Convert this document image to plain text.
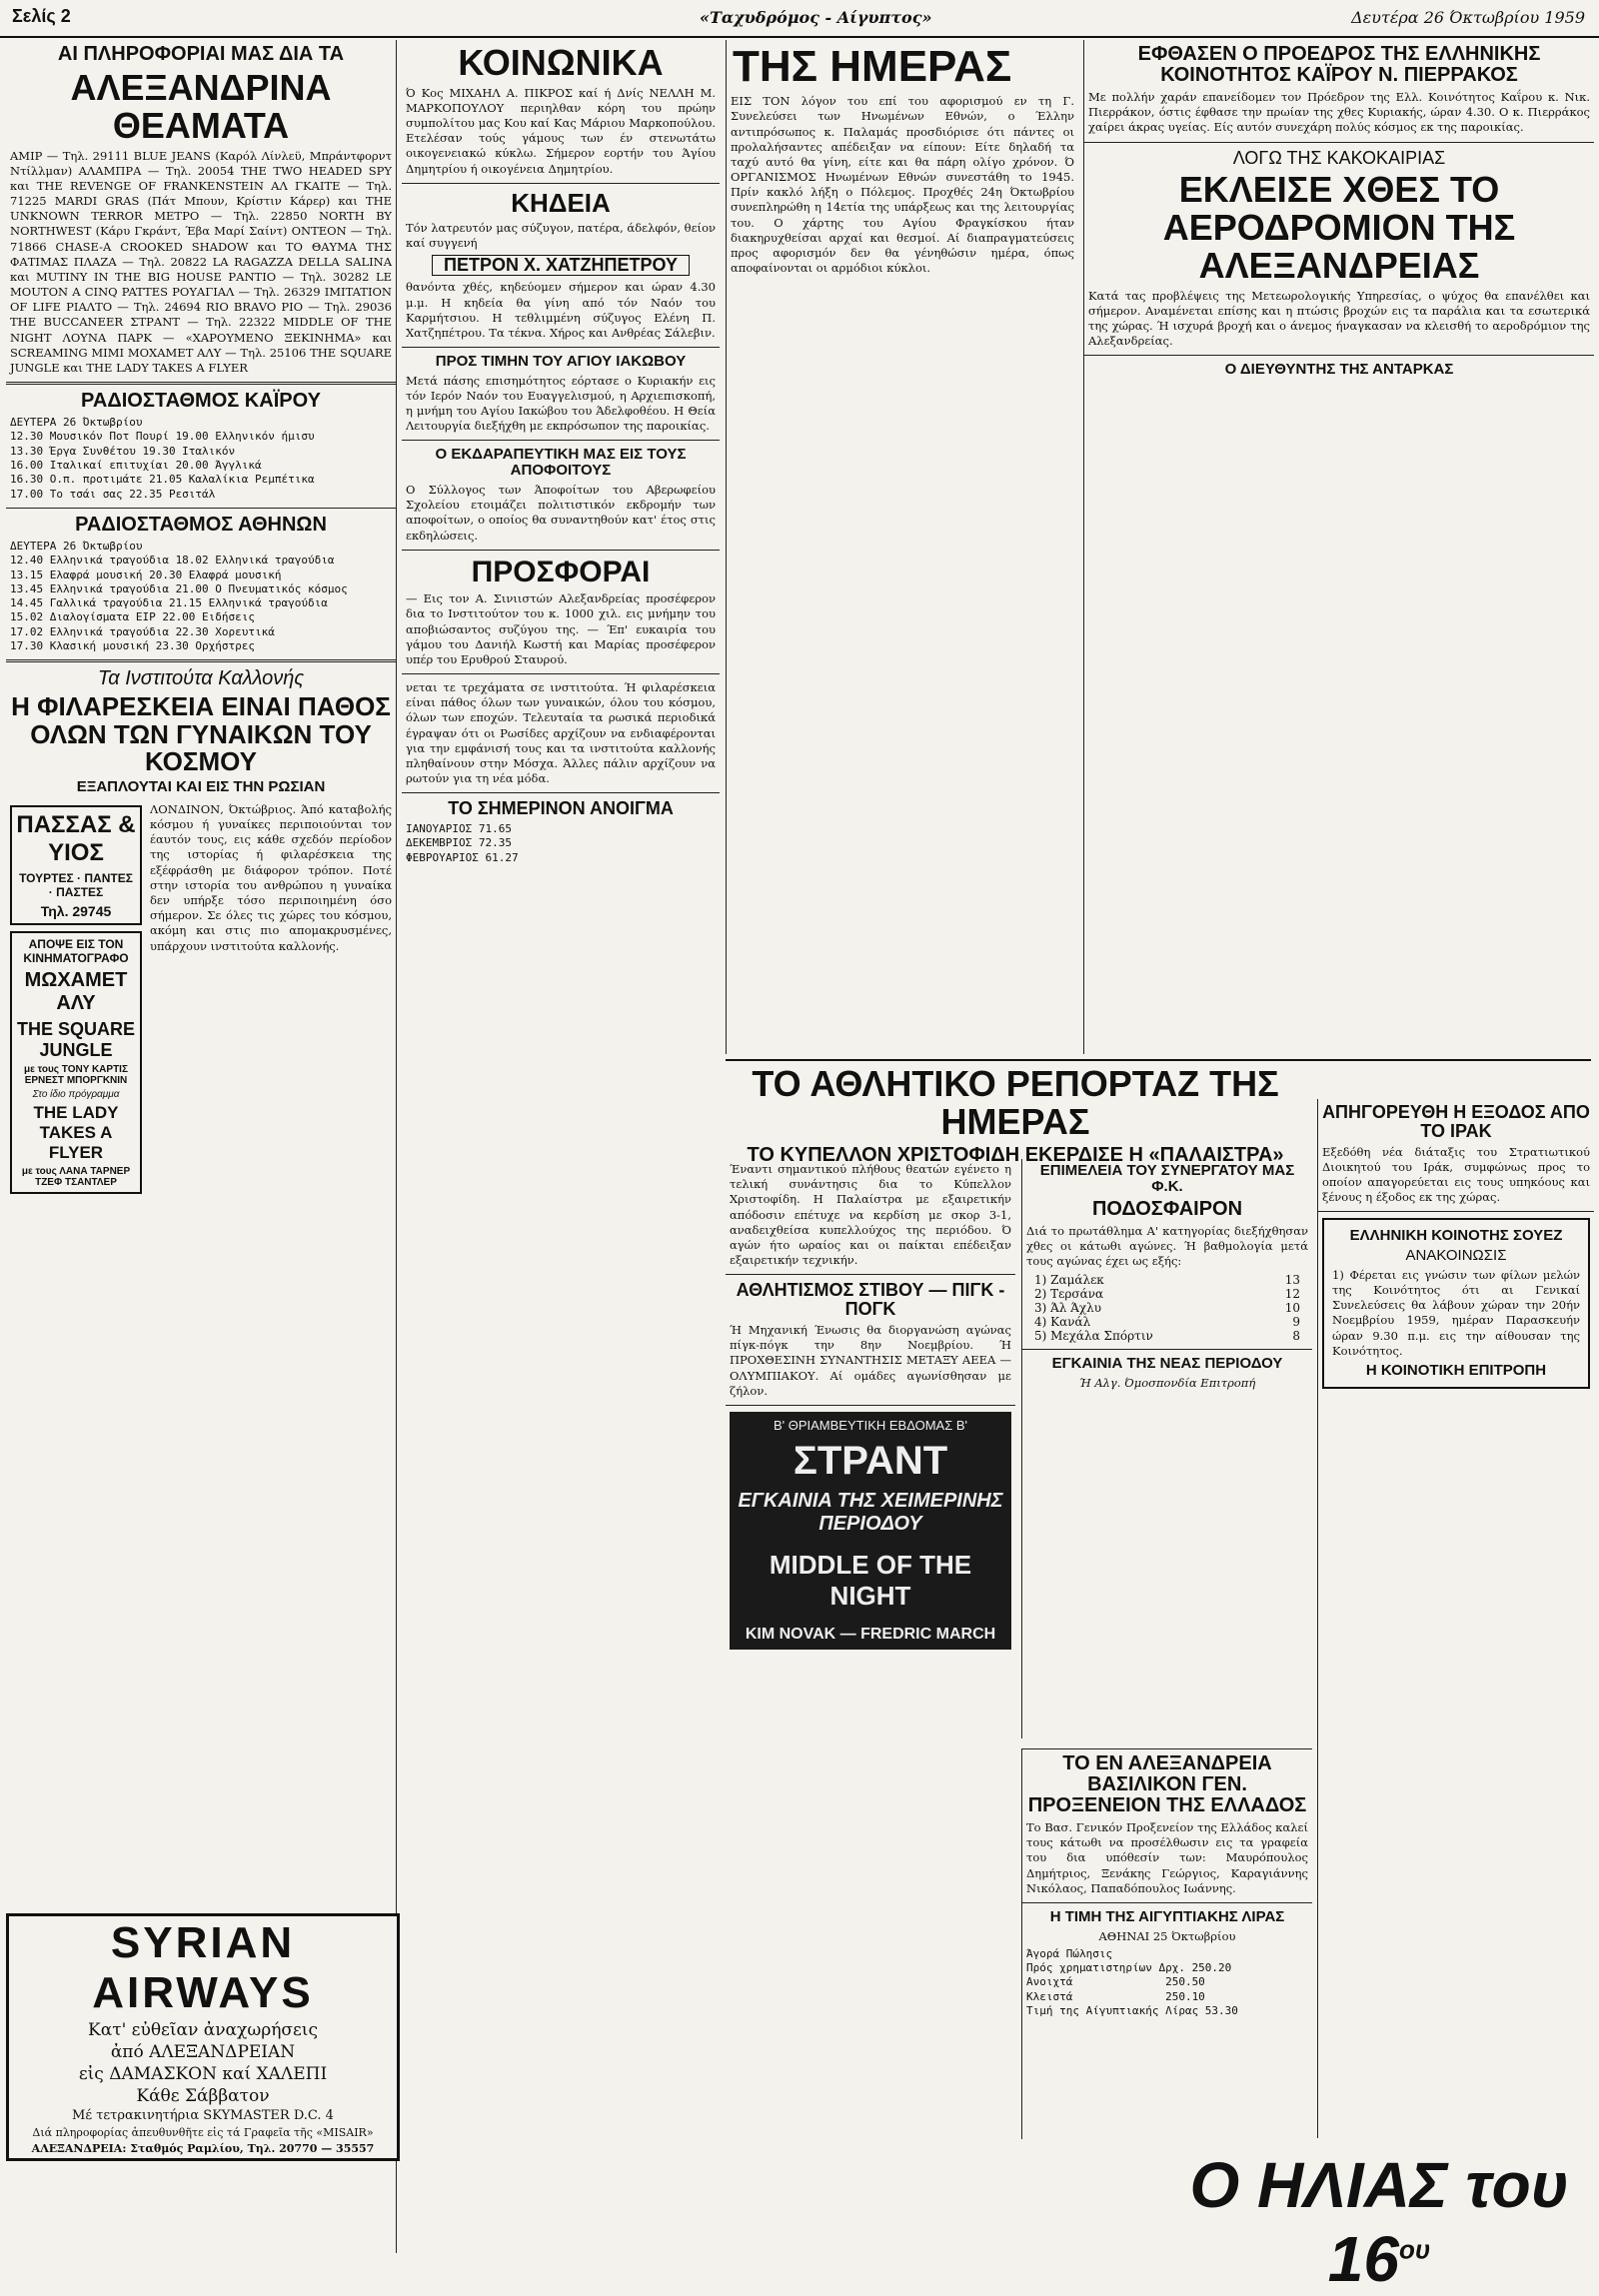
Σελίς 2	«Ταχυδρόμος - Αίγυπτος»	Δευτέρα 26 Όκτωβρίου 1959
ΑΙ ΠΛΗΡΟΦΟΡΙΑΙ ΜΑΣ ΔΙΑ ΤΑ
ΑΛΕΞΑΝΔΡΙΝΑ ΘΕΑΜΑΤΑ
ΑΜΙΡ — Τηλ. 29111 BLUE JEANS (Καρόλ Λίνλεϋ, Μπράντφορντ Ντίλλμαν) ΑΛΑΜΠΡΑ — Τηλ. 20054 THE TWO HEADED SPY και THE REVENGE OF FRANKENSTEIN ΑΛ ΓΚΑΙΤΕ — Τηλ. 71225 MARDI GRAS (Πάτ Μπουν, Κρίστιν Κάρερ) και THE UNKNOWN TERROR ΜΕΤΡΟ — Τηλ. 22850 NORTH BY NORTHWEST (Κάρυ Γκράντ, Έβα Μαρί Σαίντ) ΟΝΤΕΟΝ — Τηλ. 71866 CHASE-A CROOKED SHADOW και ΤΟ ΘΑΥΜΑ ΤΗΣ ΦΑΤΙΜΑΣ ΠΛΑΖΑ — Τηλ. 20822 LA RAGAZZA DELLA SALINA και MUTINY IN THE BIG HOUSE ΡΑΝΤΙΟ — Τηλ. 30282 LE MOUTON A CINQ PATTES ΡΟΥΑΓΙΑΛ — Τηλ. 26329 IMITATION OF LIFE ΡΙΑΛΤΟ — Τηλ. 24694 RIO BRAVO ΡΙΟ — Τηλ. 29036 THE BUCCANEER ΣΤΡΑΝΤ — Τηλ. 22322 MIDDLE OF THE NIGHT ΛΟΥΝΑ ΠΑΡΚ — «ΧΑΡΟΥΜΕΝΟ ΞΕΚΙΝΗΜΑ» και SCREAMING MIMI ΜΟΧΑΜΕΤ ΑΛΥ — Τηλ. 25106 THE SQUARE JUNGLE και THE LADY TAKES A FLYER
ΡΑΔΙΟΣΤΑΘΜΟΣ ΚΑΪΡΟΥ
ΔΕΥΤΕΡΑ 26 Όκτωβρίου
12.30 Μουσικόν Ποτ Πουρί 19.00 Ελληνικόν ήμισυ
13.30 Έργα Συνθέτου 19.30 Ιταλικόν
16.00 Ιταλικαί επιτυχίαι 20.00 Άγγλικά
16.30 Ο.π. προτιμάτε 21.05 Καλαλίκια Ρεμπέτικα
17.00 Το τσάι σας 22.35 Ρεσιτάλ
ΡΑΔΙΟΣΤΑΘΜΟΣ ΑΘΗΝΩΝ
ΔΕΥΤΕΡΑ 26 Όκτωβρίου
12.40 Ελληνικά τραγούδια 18.02 Ελληνικά τραγούδια
13.15 Ελαφρά μουσική 20.30 Ελαφρά μουσική
13.45 Ελληνικά τραγούδια 21.00 Ο Πνευματικός κόσμος
14.45 Γαλλικά τραγούδια 21.15 Ελληνικά τραγούδια
15.02 Διαλογίσματα ΕΙΡ 22.00 Ειδήσεις
17.02 Ελληνικά τραγούδια 22.30 Χορευτικά
17.30 Κλασική μουσική 23.30 Ορχήστρες
Τα Ινστιτούτα Καλλονής
Η ΦΙΛΑΡΕΣΚΕΙΑ ΕΙΝΑΙ ΠΑΘΟΣ ΟΛΩΝ ΤΩΝ ΓΥΝΑΙΚΩΝ ΤΟΥ ΚΟΣΜΟΥ
ΕΞΑΠΛΟΥΤΑΙ ΚΑΙ ΕΙΣ ΤΗΝ ΡΩΣΙΑΝ
ΠΑΣΣΑΣ & ΥΙΟΣ
ΤΟΥΡΤΕΣ · ΠΑΝΤΕΣ · ΠΑΣΤΕΣ
Τηλ. 29745
ΑΠΟΨΕ ΕΙΣ ΤΟΝ ΚΙΝΗΜΑΤΟΓΡΑΦΟ
ΜΩΧΑΜΕΤ ΑΛΥ
THE SQUARE JUNGLE
με τους TONY ΚΑΡΤΙΣ ΕΡΝΕΣΤ ΜΠΟΡΓΚΝΙΝ
Στο ίδιο πρόγραμμα
THE LADY TAKES A FLYER
με τους ΛΑΝΑ ΤΑΡΝΕΡ ΤΖΕΦ ΤΣΑΝΤΛΕΡ
ΛΟΝΔΙΝΟΝ, Όκτώβριος. Άπό καταβολής κόσμου ή γυναίκες περιποιούνται τον έαυτόν τους, εις κάθε σχεδόν περίοδον της ιστορίας ή φιλαρέσκεια της εξέφράσθη με διάφορον τρόπον. Ποτέ στην ιστορία του ανθρώπου η γυναίκα δεν υπήρξε τόσο περιποιημένη όσο σήμερον. Σε όλες τις χώρες του κόσμου, ακόμη και στις πιο απομακρυσμένες, υπάρχουν ινστιτούτα καλλονής.
SYRIAN AIRWAYS
Κατ' εὐθεῖαν ἀναχωρήσεις
ἀπό ΑΛΕΞΑΝΔΡΕΙΑΝ
εἰς ΔΑΜΑΣΚΟΝ καί ΧΑΛΕΠΙ
Κάθε Σάββατον
Μέ τετρακινητήρια SKYMASTER D.C. 4
Διά πληροφορίας ἀπευθυνθῆτε εἰς τά Γραφεῖα τῆς «MISAIR»
ΑΛΕΞΑΝΔΡΕΙΑ: Σταθμός Ραμλίου, Τηλ. 20770 — 35557
ΚΟΙΝΩΝΙΚΑ
Ό Κος ΜΙΧΑΗΛ Α. ΠΙΚΡΟΣ καί ή Δνίς ΝΕΛΛΗ Μ. ΜΑΡΚΟΠΟΥΛΟΥ περιηλθαν κόρη του πρώην συμπολίτου μας Κου καί Κας Μάριου Μαρκοπούλου. Ετελέσαν τούς γάμους των έν στενωτάτω οικογενειακώ κύκλω. Σήμερον εορτήν του Άγίου Δημητρίου ή οικογένεια Δημητρίου.
ΚΗΔΕΙΑ
Τόν λατρευτόν μας σύζυγον, πατέρα, άδελφόν, θείον καί συγγενή
ΠΕΤΡΟΝ Χ. ΧΑΤΖΗΠΕΤΡΟΥ
θανόντα χθές, κηδεύομεν σήμερον και ώραν 4.30 μ.μ. Η κηδεία θα γίνη από τόν Ναόν του Καρμήτσιου. Η τεθλιμμένη σύζυγος Ελένη Π. Χατζηπέτρου. Τα τέκνα. Χήρος και Ανθρέας Σάλεβιν.
ΠΡΟΣ ΤΙΜΗΝ ΤΟΥ ΑΓΙΟΥ ΙΑΚΩΒΟΥ
Μετά πάσης επισημότητος εόρτασε ο Κυριακήν εις τόν Ιερόν Ναόν του Ευαγγελισμού, η Αρχιεπισκοπή, η μνήμη του Αγίου Ιακώβου του Άδελφοθέου. Η Θεία Λειτουργία διεξήχθη με εκπρόσωπον της παροικίας.
Ο ΕΚΔΑΡΑΠΕΥΤΙΚΗ ΜΑΣ ΕΙΣ ΤΟΥΣ ΑΠΟΦΟΙΤΟΥΣ
Ο Σύλλογος των Άποφοίτων του Αβερωφείου Σχολείου ετοιμάζει πολιτιστικόν εκδρομήν των αποφοίτων, ο οποίος θα συναντηθούν κατ' έτος στις εκδηλώσεις.
ΠΡΟΣΦΟΡΑΙ
— Εις τον Α. Σινιιστών Αλεξανδρείας προσέφερον δια το Ινστιτούτον του κ. 1000 χιλ. εις μνήμην του αποβιώσαντος συζύγου της. — Έπ' ευκαιρία του γάμου του Δανιήλ Κωστή και Μαρίας προσέφερον υπέρ του Ερυθρού Σταυρού.
νεται τε τρεχάματα σε ινστιτούτα. Ή φιλαρέσκεια είναι πάθος όλων των γυναικών, όλου του κόσμου, όλων των εποχών. Τελευταία τα ρωσικά περιοδικά έγραψαν ότι οι Ρωσίδες αρχίζουν να ενδιαφέρονται για την εμφάνισή τους και τα ινστιτούτα καλλονής πληθαίνουν στην Μόσχα. Άλλες πάλιν αρχίζουν να ρωτούν για τη νέα μόδα.
ΤΟ ΣΗΜΕΡΙΝΟΝ ΑΝΟΙΓΜΑ
ΙΑΝΟΥΑΡΙΟΣ 71.65
ΔΕΚΕΜΒΡΙΟΣ 72.35
ΦΕΒΡΟΥΑΡΙΟΣ 61.27
ΤΗΣ ΗΜΕΡΑΣ
ΕΙΣ ΤΟΝ λόγον του επί του αφορισμού εν τη Γ. Συνελεύσει των Ηνωμένων Εθνών, ο Έλλην αντιπρόσωπος κ. Παλαμάς προσδιόρισε ότι πάντες οι προλαλήσαντες απέδειξαν να είπουν: Είτε δηλαδή τα ταχύ αυτό θα γίνη, είτε και θα πάρη ολίγο χρόνον. Ό ΟΡΓΑΝΙΣΜΟΣ Ηνωμένων Εθνών συνεστάθη το 1945. Πρίν κακλό λήξη ο Πόλεμος. Προχθές 24η Όκτωβρίου συνεπληρώθη η 14ετία της υπάρξεως και της λειτουργίας του. Ο χάρτης του Αγίου Φραγκίσκου ήταν διακηρυχθείσαι αρχαί και θεσμοί. Αί διαπραγματεύσεις προς αφορισμόν δεν θα γένηθώσιν ημέρα, όπως αποφαίνονται οι αρμόδιοι κύκλοι.
ΕΦΘΑΣΕΝ Ο ΠΡΟΕΔΡΟΣ ΤΗΣ ΕΛΛΗΝΙΚΗΣ ΚΟΙΝΟΤΗΤΟΣ ΚΑΪΡΟΥ Ν. ΠΙΕΡΡΑΚΟΣ
Με πολλήν χαράν επανείδομεν τον Πρόεδρον της Ελλ. Κοινότητος Καΐρου κ. Νικ. Πιερράκον, όστις έφθασε την πρωίαν της χθες Κυριακής, ώραν 4.30. Ο κ. Πιερράκος χαίρει άκρας υγείας. Είς αυτόν συνεχάρη πολύς κόσμος εκ της παροικίας.
ΛΟΓΩ ΤΗΣ ΚΑΚΟΚΑΙΡΙΑΣ
ΕΚΛΕΙΣΕ ΧΘΕΣ ΤΟ ΑΕΡΟΔΡΟΜΙΟΝ ΤΗΣ ΑΛΕΞΑΝΔΡΕΙΑΣ
Κατά τας προβλέψεις της Μετεωρολογικής Υπηρεσίας, ο ψύχος θα επανέλθει και σήμερον. Αναμένεται επίσης και η πτώσις βροχών εις τα παράλια και τα εσωτερικά της χώρας. Ή ισχυρά βροχή και ο άνεμος ήναγκασαν να κλεισθή το αεροδρόμιον της Αλεξανδρείας.
Ο ΔΙΕΥΘΥΝΤΗΣ ΤΗΣ ΑΝΤΑΡΚΑΣ
ΤΟ ΑΘΛΗΤΙΚΟ ΡΕΠΟΡΤΑΖ ΤΗΣ ΗΜΕΡΑΣ
ΤΟ ΚΥΠΕΛΛΟΝ ΧΡΙΣΤΟΦΙΔΗ ΕΚΕΡΔΙΣΕ Η «ΠΑΛΑΙΣΤΡΑ»
Έναντι σημαντικού πλήθους θεατών εγένετο η τελική συνάντησις δια το Κύπελλον Χριστοφίδη. Η Παλαίστρα με εξαιρετικήν απόδοσιν επέτυχε να κερδίση με σκορ 3-1, αναδειχθείσα κυπελλούχος της περιόδου. Ό αγών ήτο ωραίος και οι παίκται επέδειξαν εξαιρετικήν τεχνικήν.
ΑΘΛΗΤΙΣΜΟΣ ΣΤΙΒΟΥ — ΠΙΓΚ - ΠΟΓΚ
Ή Μηχανική Ένωσις θα διοργανώση αγώνας πίγκ-πόγκ την 8ην Νοεμβρίου. Ή ΠΡΟΧΘΕΣΙΝΗ ΣΥΝΑΝΤΗΣΙΣ ΜΕΤΑΞΥ ΑΕΕΑ — ΟΛΥΜΠΙΑΚΟΥ. Αί ομάδες αγωνίσθησαν με ζήλον.
Β' ΘΡΙΑΜΒΕΥΤΙΚΗ ΕΒΔΟΜΑΣ Β'
ΣΤΡΑΝΤ
ΕΓΚΑΙΝΙΑ ΤΗΣ ΧΕΙΜΕΡΙΝΗΣ ΠΕΡΙΟΔΟΥ
MIDDLE OF THE NIGHT
KIM NOVAK — FREDRIC MARCH
ΕΠΙΜΕΛΕΙΑ ΤΟΥ ΣΥΝΕΡΓΑΤΟΥ ΜΑΣ Φ.Κ.
ΠΟΔΟΣΦΑΙΡΟΝ
Διά το πρωτάθλημα Α' κατηγορίας διεξήχθησαν χθες οι κάτωθι αγώνες. Ή βαθμολογία μετά τους αγώνας έχει ως εξής:
1) Ζαμάλεκ	13
2) Τερσάνα	12
3) Άλ Άχλυ	10
4) Κανάλ	9
5) Μεχάλα Σπόρτιν	8
ΕΓΚΑΙΝΙΑ ΤΗΣ ΝΕΑΣ ΠΕΡΙΟΔΟΥ
Ή Αλγ. Όμοσπονδία Επιτροπή
ΑΠΗΓΟΡΕΥΘΗ Η ΕΞΟΔΟΣ ΑΠΟ ΤΟ ΙΡΑΚ
Εξεδόθη νέα διάταξις του Στρατιωτικού Διοικητού του Ιράκ, συμφώνως προς το οποίον απαγορεύεται εις τους υπηκόους και ξένους η έξοδος εκ της χώρας.
ΕΛΛΗΝΙΚΗ ΚΟΙΝΟΤΗΣ ΣΟΥΕΖ
ΑΝΑΚΟΙΝΩΣΙΣ
1) Φέρεται εις γνώσιν των φίλων μελών της Κοινότητος ότι αι Γενικαί Συνελεύσεις θα λάβουν χώραν την 20ήν Νοεμβρίου 1959, ημέραν Παρασκευήν ώραν 9.30 π.μ. εις την αίθουσαν της Κοινότητος.
Η ΚΟΙΝΟΤΙΚΗ ΕΠΙΤΡΟΠΗ
ΤΟ ΕΝ ΑΛΕΞΑΝΔΡΕΙΑ ΒΑΣΙΛΙΚΟΝ ΓΕΝ. ΠΡΟΞΕΝΕΙΟΝ ΤΗΣ ΕΛΛΑΔΟΣ
Το Βασ. Γενικόν Προξενείον της Ελλάδος καλεί τους κάτωθι να προσέλθωσιν εις τα γραφεία του δια υπόθεσίν των: Μαυρόπουλος Δημήτριος, Ξενάκης Γεώργιος, Καραγιάννης Νικόλαος, Παπαδόπουλος Ιωάννης.
Η ΤΙΜΗ ΤΗΣ ΑΙΓΥΠΤΙΑΚΗΣ ΛΙΡΑΣ
ΑΘΗΝΑΙ 25 Όκτωβρίου
Άγορά Πώλησις
Πρός χρηματιστηρίων Δρχ. 250.20
Ανοιχτά              250.50
Κλειστά              250.10
Τιμή της Αίγυπτιακής Λίρας 53.30
Ο ΗΛΙΑΣ του $16^{o\upsilon}$
